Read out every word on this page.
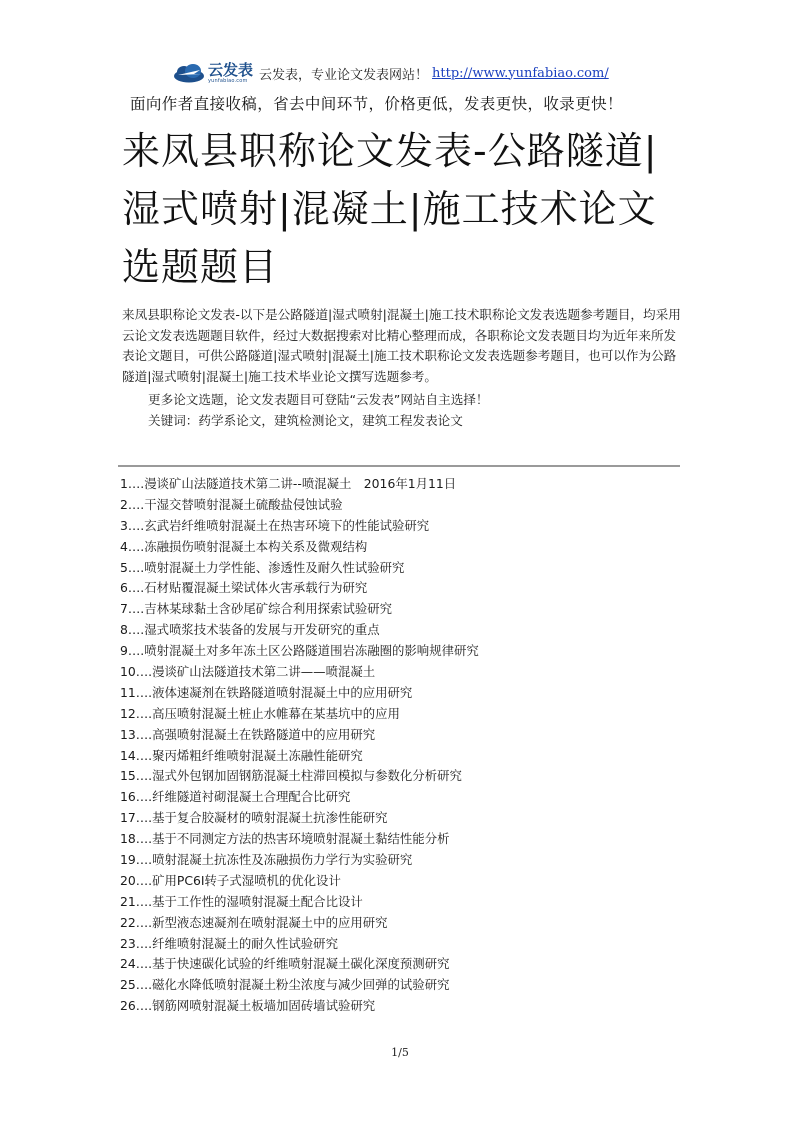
云发表
yunfabiao.com 云发表，专业论文发表网站！ http://www.yunfabiao.com/
面向作者直接收稿，省去中间环节，价格更低，发表更快，收录更快！
来凤县职称论文发表-公路隧道|湿式喷射|混凝土|施工技术论文选题题目

来凤县职称论文发表-以下是公路隧道|湿式喷射|混凝土|施工技术职称论文发表选题参考题目，均采用云论文发表选题题目软件，经过大数据搜索对比精心整理而成，各职称论文发表题目均为近年来所发表论文题目，可供公路隧道|湿式喷射|混凝土|施工技术职称论文发表选题参考题目，也可以作为公路隧道|湿式喷射|混凝土|施工技术毕业论文撰写选题参考。

更多论文选题，论文发表题目可登陆“云发表”网站自主选择！
关键词：药学系论文，建筑检测论文，建筑工程发表论文
1….漫谈矿山法隧道技术第二讲--喷混凝土　2016年1月11日
2….干湿交替喷射混凝土硫酸盐侵蚀试验
3….玄武岩纤维喷射混凝土在热害环境下的性能试验研究
4….冻融损伤喷射混凝土本构关系及微观结构
5….喷射混凝土力学性能、渗透性及耐久性试验研究
6….石材贴覆混凝土梁试体火害承载行为研究
7….吉林某球黏土含砂尾矿综合利用探索试验研究
8….湿式喷浆技术装备的发展与开发研究的重点
9….喷射混凝土对多年冻土区公路隧道围岩冻融圈的影响规律研究
10….漫谈矿山法隧道技术第二讲——喷混凝土
11….液体速凝剂在铁路隧道喷射混凝土中的应用研究
12….高压喷射混凝土桩止水帷幕在某基坑中的应用
13….高强喷射混凝土在铁路隧道中的应用研究
14….聚丙烯粗纤维喷射混凝土冻融性能研究
15….湿式外包钢加固钢筋混凝土柱滞回模拟与参数化分析研究
16….纤维隧道衬砌混凝土合理配合比研究
17….基于复合胶凝材的喷射混凝土抗渗性能研究
18….基于不同测定方法的热害环境喷射混凝土黏结性能分析
19….喷射混凝土抗冻性及冻融损伤力学行为实验研究
20….矿用PC6Ⅰ转子式湿喷机的优化设计
21….基于工作性的湿喷射混凝土配合比设计
22….新型液态速凝剂在喷射混凝土中的应用研究
23….纤维喷射混凝土的耐久性试验研究
24….基于快速碳化试验的纤维喷射混凝土碳化深度预测研究
25….磁化水降低喷射混凝土粉尘浓度与减少回弹的试验研究
26….钢筋网喷射混凝土板墙加固砖墙试验研究
1/5
